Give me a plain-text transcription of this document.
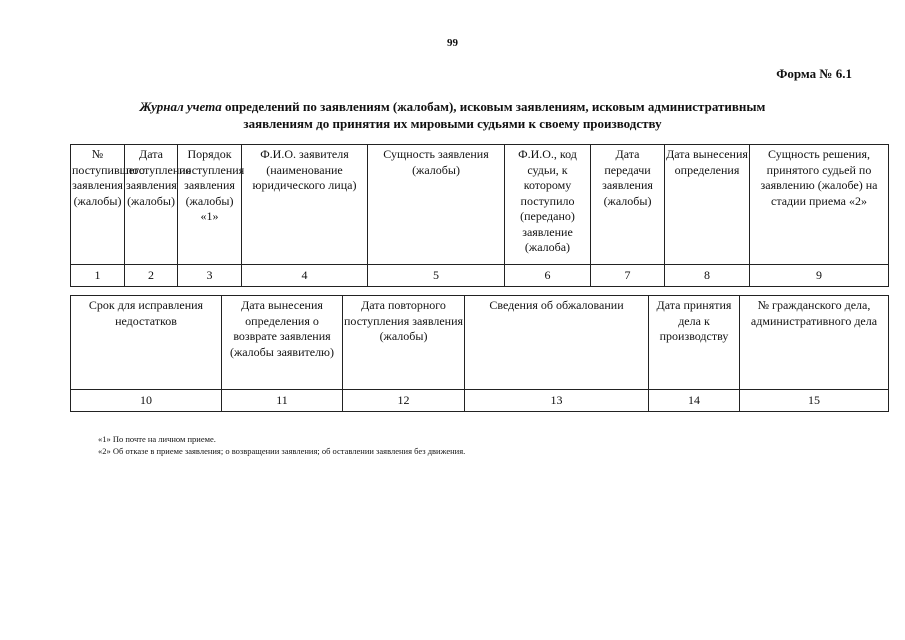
99
Форма № 6.1
Журнал учета определений по заявлениям (жалобам), исковым заявлениям, исковым административным
заявлениям до принятия их мировыми судьями к своему производству
№ поступившего заявления (жалобы)	Дата поступления заявления (жалобы)	Порядок поступления заявления (жалобы) «1»	Ф.И.О. заявителя (наименование юридического лица)	Сущность заявления (жалобы)	Ф.И.О., код судьи, к которому поступило (передано) заявление (жалоба)	Дата передачи заявления (жалобы)	Дата вынесения определения	Сущность решения, принятого судьей по заявлению (жалобе) на стадии приема «2»
1	2	3	4	5	6	7	8	9
Срок для исправления недостатков	Дата вынесения определения о возврате заявления (жалобы заявителю)	Дата повторного поступления заявления (жалобы)	Сведения об обжаловании	Дата принятия дела к производству	№ гражданского дела, административного дела
10	11	12	13	14	15
«1» По почте на личном приеме.
«2» Об отказе в приеме заявления; о возвращении заявления; об оставлении заявления без движения.
